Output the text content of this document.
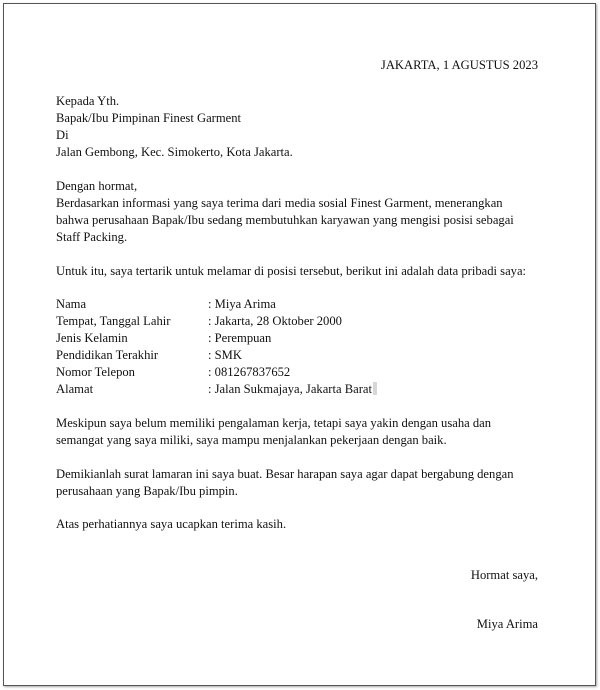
JAKARTA, 1 AGUSTUS 2023
Kepada Yth.
Bapak/Ibu Pimpinan Finest Garment
Di
Jalan Gembong, Kec. Simokerto, Kota Jakarta.
Dengan hormat,
Berdasarkan informasi yang saya terima dari media sosial Finest Garment, menerangkan
bahwa perusahaan Bapak/Ibu sedang membutuhkan karyawan yang mengisi posisi sebagai
Staff Packing.
Untuk itu, saya tertarik untuk melamar di posisi tersebut, berikut ini adalah data pribadi saya:
Nama	: Miya Arima
Tempat, Tanggal Lahir	: Jakarta, 28 Oktober 2000
Jenis Kelamin	: Perempuan
Pendidikan Terakhir	: SMK
Nomor Telepon	: 081267837652
Alamat	: Jalan Sukmajaya, Jakarta Barat
Meskipun saya belum memiliki pengalaman kerja, tetapi saya yakin dengan usaha dan
semangat yang saya miliki, saya mampu menjalankan pekerjaan dengan baik.
Demikianlah surat lamaran ini saya buat. Besar harapan saya agar dapat bergabung dengan
perusahaan yang Bapak/Ibu pimpin.
Atas perhatiannya saya ucapkan terima kasih.
Hormat saya,
Miya Arima
